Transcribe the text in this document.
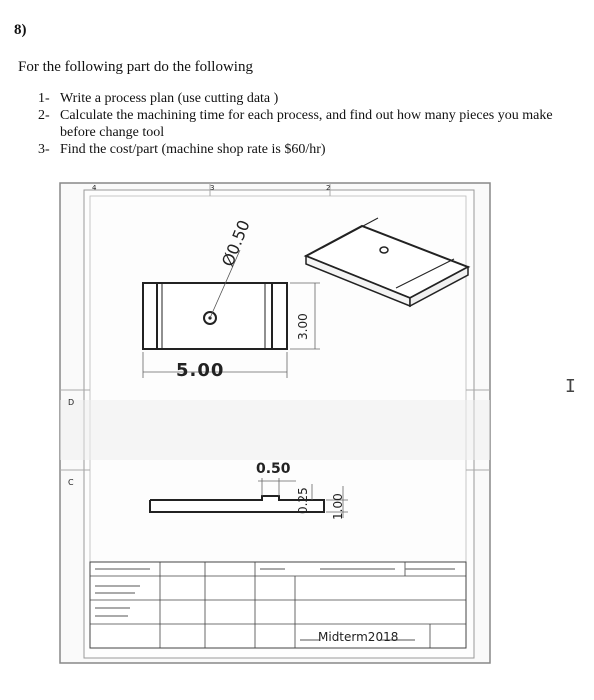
8)
For the following part do the following
1- Write a process plan (use cutting data )
2- Calculate the machining time for each process, and find out how many pieces you make before change tool
3- Find the cost/part (machine shop rate is $60/hr)
Ø0.50
5.00
3.00
0.50
0.25 1.00
Midterm2018
D
C
4	3	2
I
